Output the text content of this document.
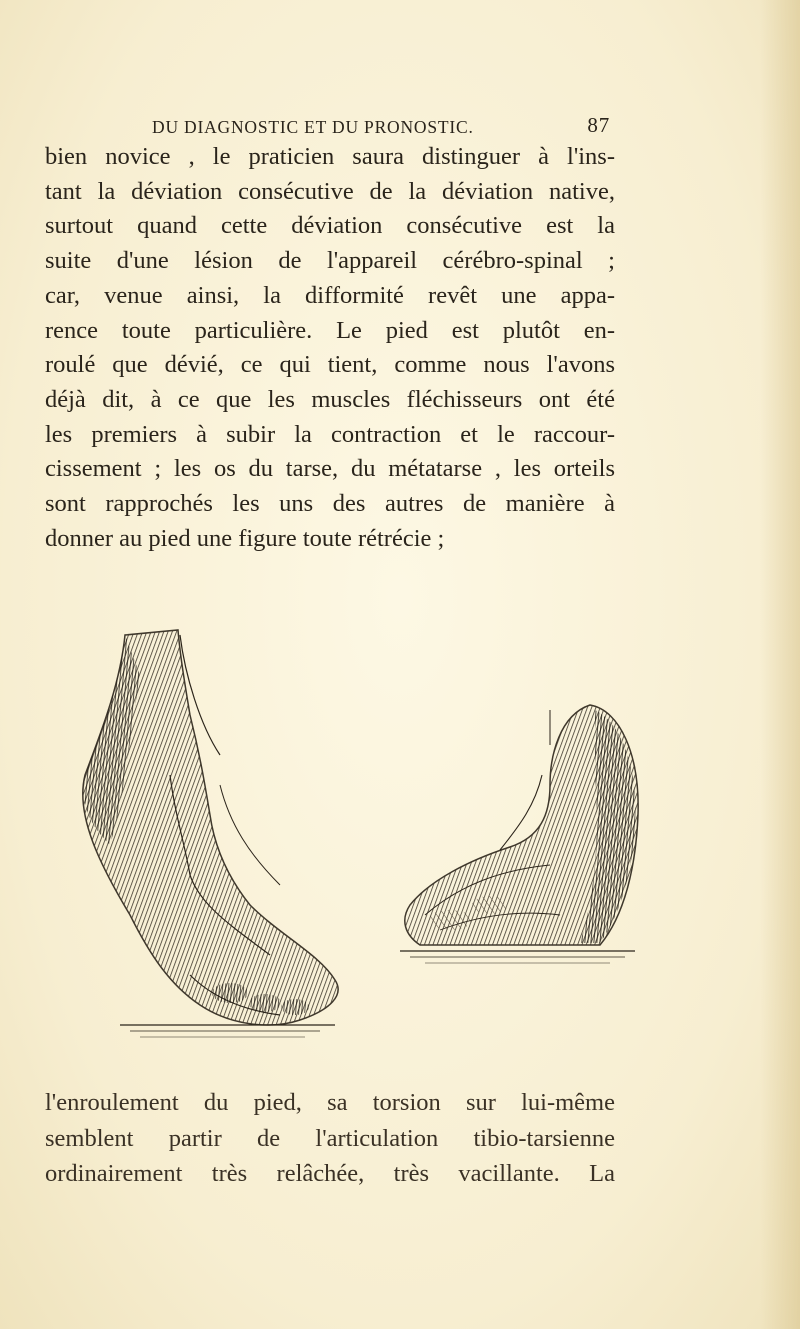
DU DIAGNOSTIC ET DU PRONOSTIC.	87
bien novice , le praticien saura distinguer à l'ins-
tant la déviation consécutive de la déviation native,
surtout quand cette déviation consécutive est la
suite d'une lésion de l'appareil cérébro-spinal ;
car, venue ainsi, la difformité revêt une appa-
rence toute particulière. Le pied est plutôt en-
roulé que dévié, ce qui tient, comme nous l'avons
déjà dit, à ce que les muscles fléchisseurs ont été
les premiers à subir la contraction et le raccour-
cissement ; les os du tarse, du métatarse , les orteils
sont rapprochés les uns des autres de manière à
donner au pied une figure toute rétrécie ;
l'enroulement du pied, sa torsion sur lui-même
semblent partir de l'articulation tibio-tarsienne
ordinairement très relâchée, très vacillante. La
